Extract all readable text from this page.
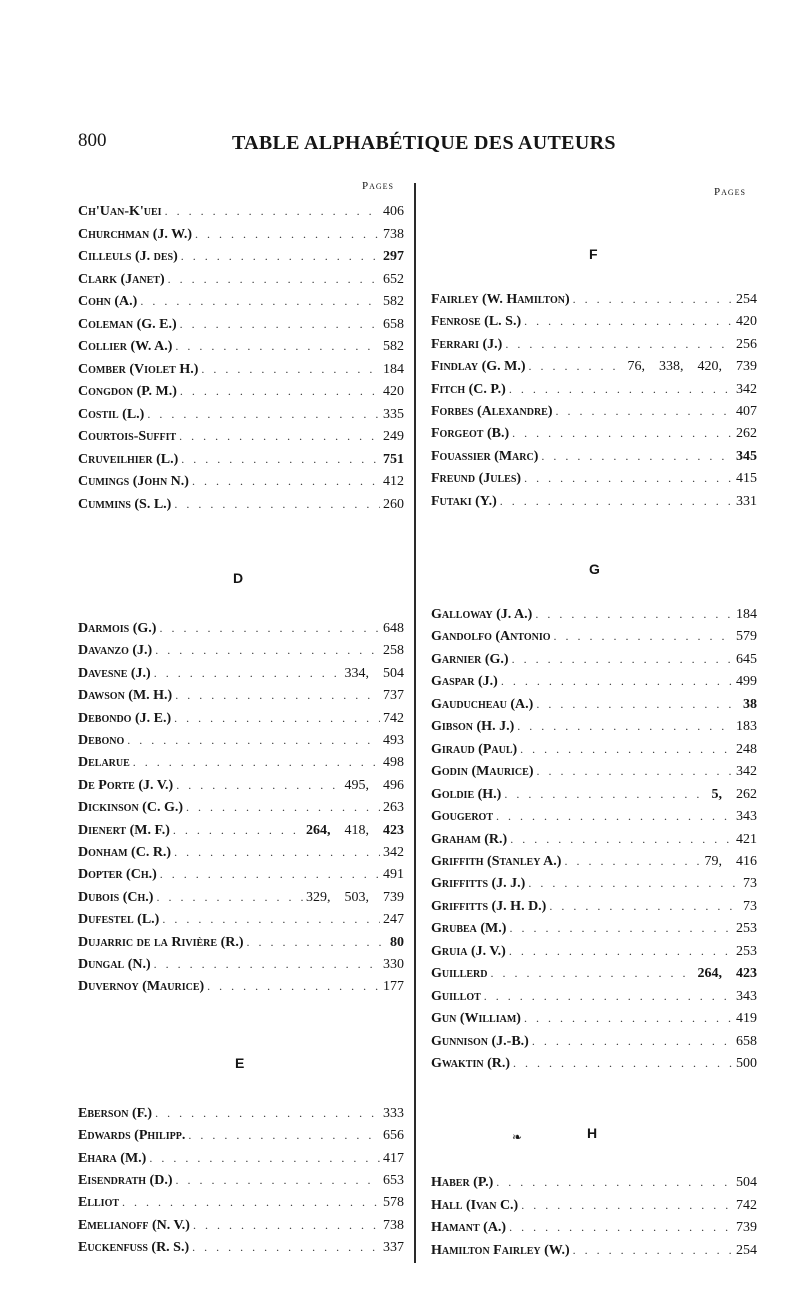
800	TABLE ALPHABÉTIQUE DES AUTEURS
Pages	Pages
D
E
F
G
H
❧
Ch'Uan-K'uei . . .	406
Churchman (J. W.) . . .	738
Cilleuls (J. des) . . .	297
Clark (Janet) . . .	652
Cohn (A.) . . .	582
Coleman (G. E.) . . .	658
Collier (W. A.) . . .	582
Comber (Violet H.) . . .	184
Congdon (P. M.) . . .	420
Costil (L.) . . .	335
Courtois-Suffit . . .	249
Cruveilhier (L.) . . .	751
Cumings (John N.) . . .	412
Cummins (S. L.) . . .	260
Darmois (G.) . . .	648
Davanzo (J.) . . .	258
Davesne (J.) . . .	334,   504
Dawson (M. H.) . . .	737
Debondo (J. E.) . . .	742
Debono . . .	493
Delarue . . .	498
De Porte (J. V.) . . .	495,   496
Dickinson (C. G.) . . .	263
Dienert (M. F.) . . .	264,   418,   423
Donham (C. R.) . . .	342
Dopter (Ch.) . . .	491
Dubois (Ch.) . . .	329,   503,   739
Dufestel (L.) . . .	247
Dujarric de la Rivière (R.) . . .	80
Dungal (N.) . . .	330
Duvernoy (Maurice) . . .	177
Eberson (F.) . . .	333
Edwards (Philipp. . . .	656
Ehara (M.) . . .	417
Eisendrath (D.) . . .	653
Elliot . . .	578
Emelianoff (N. V.) . . .	738
Euckenfuss (R. S.) . . .	337
Fairley (W. Hamilton) . . .	254
Fenrose (L. S.) . . .	420
Ferrari (J.) . . .	256
Findlay (G. M.) . . .	76,   338,   420,   739
Fitch (C. P.) . . .	342
Forbes (Alexandre) . . .	407
Forgeot (B.) . . .	262
Fouassier (Marc) . . .	345
Freund (Jules) . . .	415
Futaki (Y.) . . .	331
Galloway (J. A.) . . .	184
Gandolfo (Antonio . . .	579
Garnier (G.) . . .	645
Gaspar (J.) . . .	499
Gauducheau (A.) . . .	38
Gibson (H. J.) . . .	183
Giraud (Paul) . . .	248
Godin (Maurice) . . .	342
Goldie (H.) . . .	5,   262
Gougerot . . .	343
Graham (R.) . . .	421
Griffith (Stanley A.) . . .	79,   416
Griffitts (J. J.) . . .	73
Griffitts (J. H. D.) . . .	73
Grubea (M.) . . .	253
Gruia (J. V.) . . .	253
Guillerd . . .	264,   423
Guillot . . .	343
Gun (William) . . .	419
Gunnison (J.-B.) . . .	658
Gwaktin (R.) . . .	500
Haber (P.) . . .	504
Hall (Ivan C.) . . .	742
Hamant (A.) . . .	739
Hamilton Fairley (W.) . . .	254
